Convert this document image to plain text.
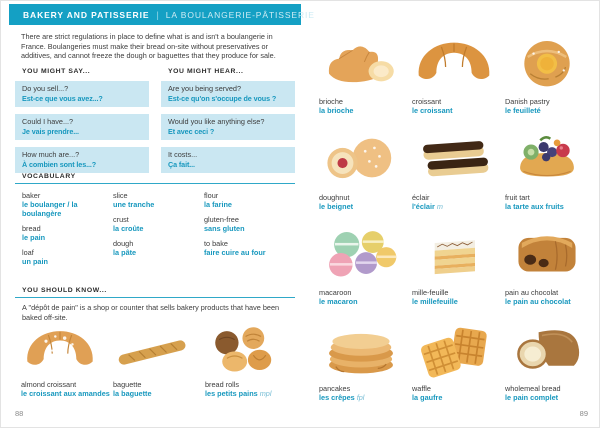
BAKERY AND PATISSERIE | LA BOULANGERIE-PÂTISSERIE
There are strict regulations in place to define what is and isn't a boulangerie in France. Boulangeries must make their bread on-site without preservatives or additives, and cannot freeze the dough or baguettes that they produce for sale.
YOU MIGHT SAY...
Do you sell...?
Est-ce que vous avez...?
Could I have...?
Je vais prendre...
How much are...?
À combien sont les...?
YOU MIGHT HEAR...
Are you being served?
Est-ce qu'on s'occupe de vous ?
Would you like anything else?
Et avec ceci ?
It costs...
Ça fait...
VOCABULARY
baker
le boulanger / la boulangère
bread
le pain
loaf
un pain
slice
une tranche
crust
la croûte
dough
la pâte
flour
la farine
gluten-free
sans gluten
to bake
faire cuire au four
YOU SHOULD KNOW...
A "dépôt de pain" is a shop or counter that sells bakery products that have been baked off-site.
almond croissant
le croissant aux amandes
baguette
la baguette
bread rolls
les petits pains mpl
88
brioche
la brioche
croissant
le croissant
Danish pastry
le feuilleté
doughnut
le beignet
éclair
l'éclair m
fruit tart
la tarte aux fruits
macaroon
le macaron
mille-feuille
le millefeuille
pain au chocolat
le pain au chocolat
pancakes
les crêpes fpl
waffle
la gaufre
wholemeal bread
le pain complet
89
